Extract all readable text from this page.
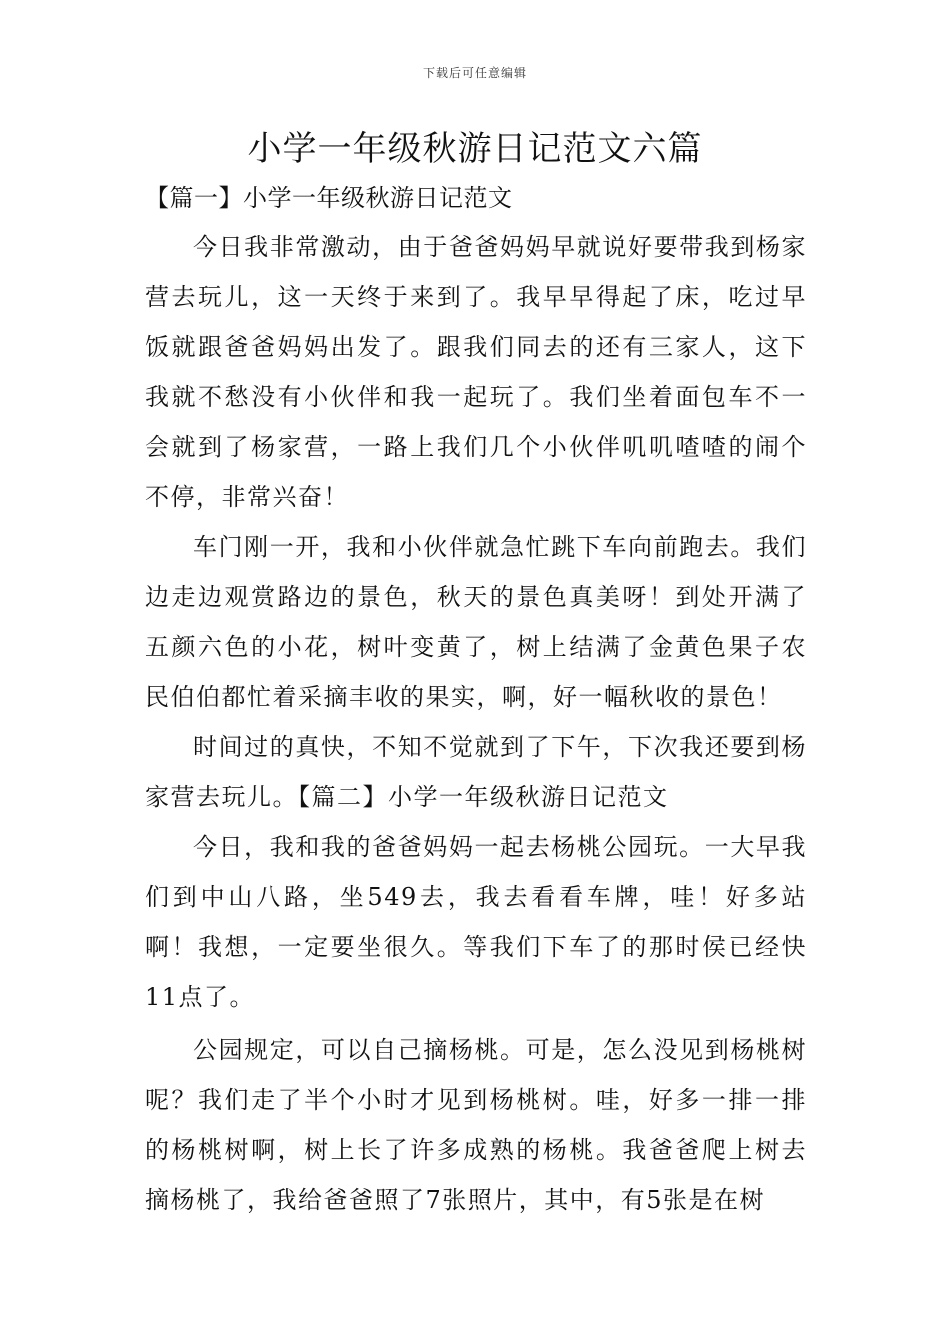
下载后可任意编辑
小学一年级秋游日记范文六篇
【篇一】小学一年级秋游日记范文

今日我非常激动，由于爸爸妈妈早就说好要带我到杨家营去玩儿，这一天终于来到了。我早早得起了床，吃过早饭就跟爸爸妈妈出发了。跟我们同去的还有三家人，这下我就不愁没有小伙伴和我一起玩了。我们坐着面包车不一会就到了杨家营，一路上我们几个小伙伴叽叽喳喳的闹个不停，非常兴奋！

车门刚一开，我和小伙伴就急忙跳下车向前跑去。我们边走边观赏路边的景色，秋天的景色真美呀！到处开满了五颜六色的小花，树叶变黄了，树上结满了金黄色果子农民伯伯都忙着采摘丰收的果实，啊，好一幅秋收的景色！

时间过的真快，不知不觉就到了下午，下次我还要到杨家营去玩儿。【篇二】小学一年级秋游日记范文

今日，我和我的爸爸妈妈一起去杨桃公园玩。一大早我们到中山八路，坐549去，我去看看车牌，哇！好多站啊！我想，一定要坐很久。等我们下车了的那时侯已经快11点了。

公园规定，可以自己摘杨桃。可是，怎么没见到杨桃树呢？我们走了半个小时才见到杨桃树。哇，好多一排一排的杨桃树啊，树上长了许多成熟的杨桃。我爸爸爬上树去摘杨桃了，我给爸爸照了7张照片，其中，有5张是在树
